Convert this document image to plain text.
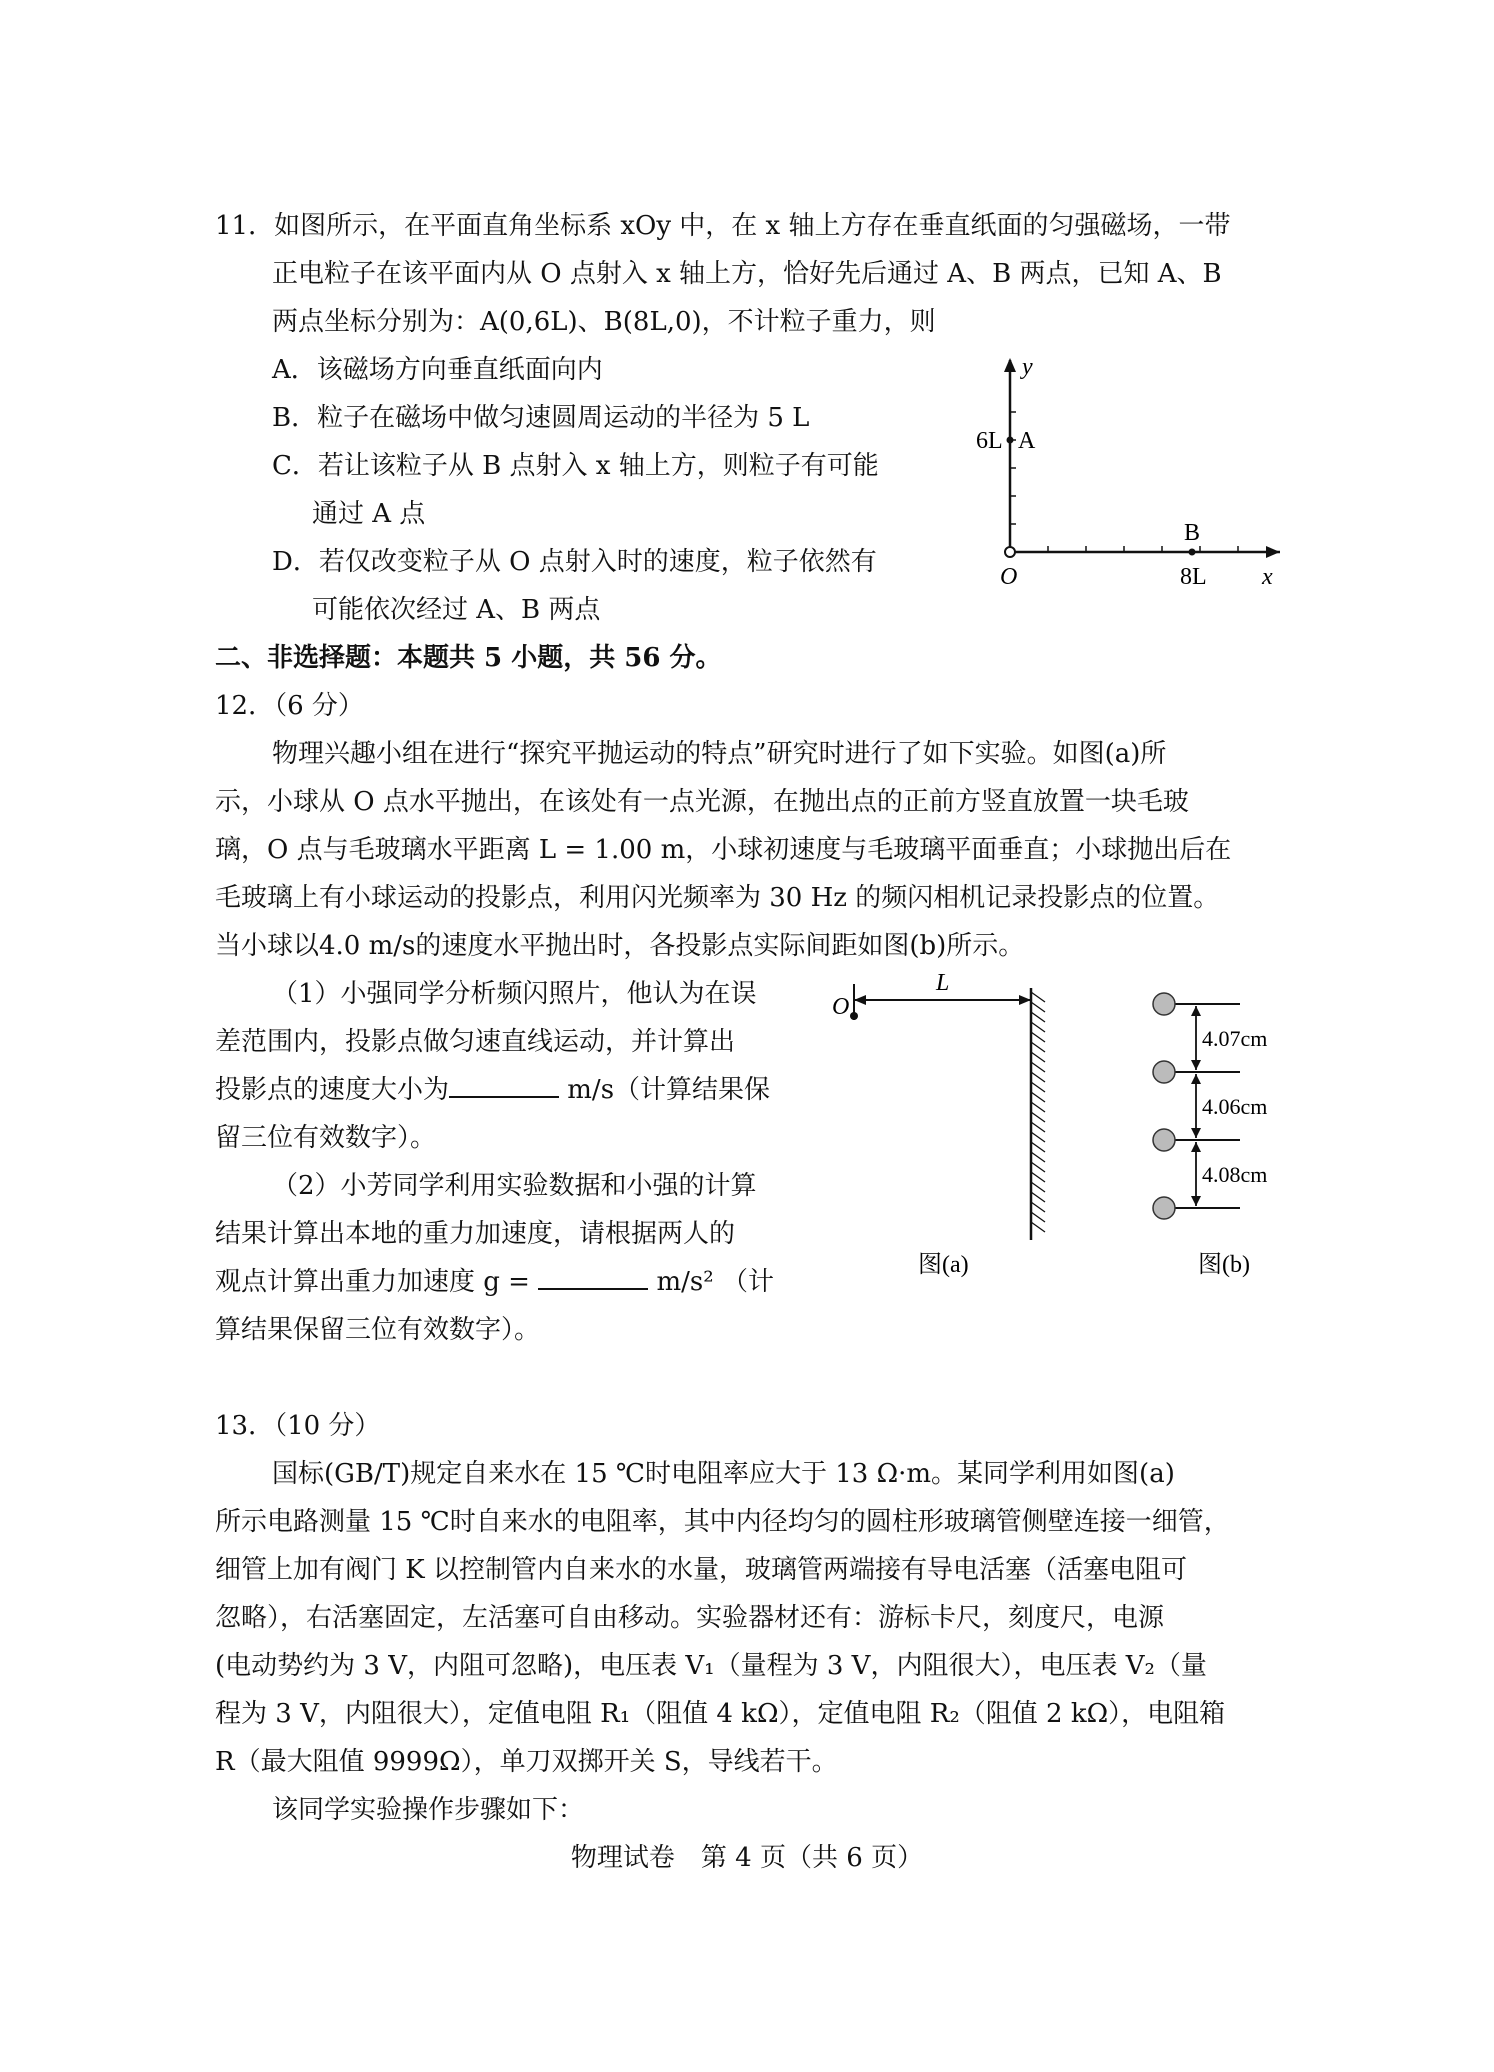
11．如图所示，在平面直角坐标系 xOy 中，在 x 轴上方存在垂直纸面的匀强磁场，一带
正电粒子在该平面内从 O 点射入 x 轴上方，恰好先后通过 A、B 两点，已知 A、B
两点坐标分别为：A(0,6L)、B(8L,0)，不计粒子重力，则
A．该磁场方向垂直纸面向内
B．粒子在磁场中做匀速圆周运动的半径为 5 L
C．若让该粒子从 B 点射入 x 轴上方，则粒子有可能
通过 A 点
D．若仅改变粒子从 O 点射入时的速度，粒子依然有
可能依次经过 A、B 两点
y
x
O
6L A
B
8L
二、非选择题：本题共 5 小题，共 56 分。
12．（6 分）
物理兴趣小组在进行“探究平抛运动的特点”研究时进行了如下实验。如图(a)所
示，小球从 O 点水平抛出，在该处有一点光源，在抛出点的正前方竖直放置一块毛玻
璃，O 点与毛玻璃水平距离 L = 1.00 m，小球初速度与毛玻璃平面垂直；小球抛出后在
毛玻璃上有小球运动的投影点，利用闪光频率为 30 Hz 的频闪相机记录投影点的位置。
当小球以4.0 m/s的速度水平抛出时，各投影点实际间距如图(b)所示。
（1）小强同学分析频闪照片，他认为在误
差范围内，投影点做匀速直线运动，并计算出
投影点的速度大小为	m/s（计算结果保
留三位有效数字）。
（2）小芳同学利用实验数据和小强的计算
结果计算出本地的重力加速度，请根据两人的
观点计算出重力加速度 g =	m/s² （计
算结果保留三位有效数字）。
O
L
图(a)
4.07cm
4.06cm
4.08cm
图(b)
13．（10 分）
国标(GB/T)规定自来水在 15 ℃时电阻率应大于 13 Ω·m。某同学利用如图(a)
所示电路测量 15 ℃时自来水的电阻率，其中内径均匀的圆柱形玻璃管侧壁连接一细管，
细管上加有阀门 K 以控制管内自来水的水量，玻璃管两端接有导电活塞（活塞电阻可
忽略），右活塞固定，左活塞可自由移动。实验器材还有：游标卡尺，刻度尺，电源
(电动势约为 3 V，内阻可忽略)，电压表 V₁（量程为 3 V，内阻很大），电压表 V₂（量
程为 3 V，内阻很大），定值电阻 R₁（阻值 4 kΩ），定值电阻 R₂（阻值 2 kΩ），电阻箱
R（最大阻值 9999Ω），单刀双掷开关 S，导线若干。
该同学实验操作步骤如下：
物理试卷　第 4 页（共 6 页）
